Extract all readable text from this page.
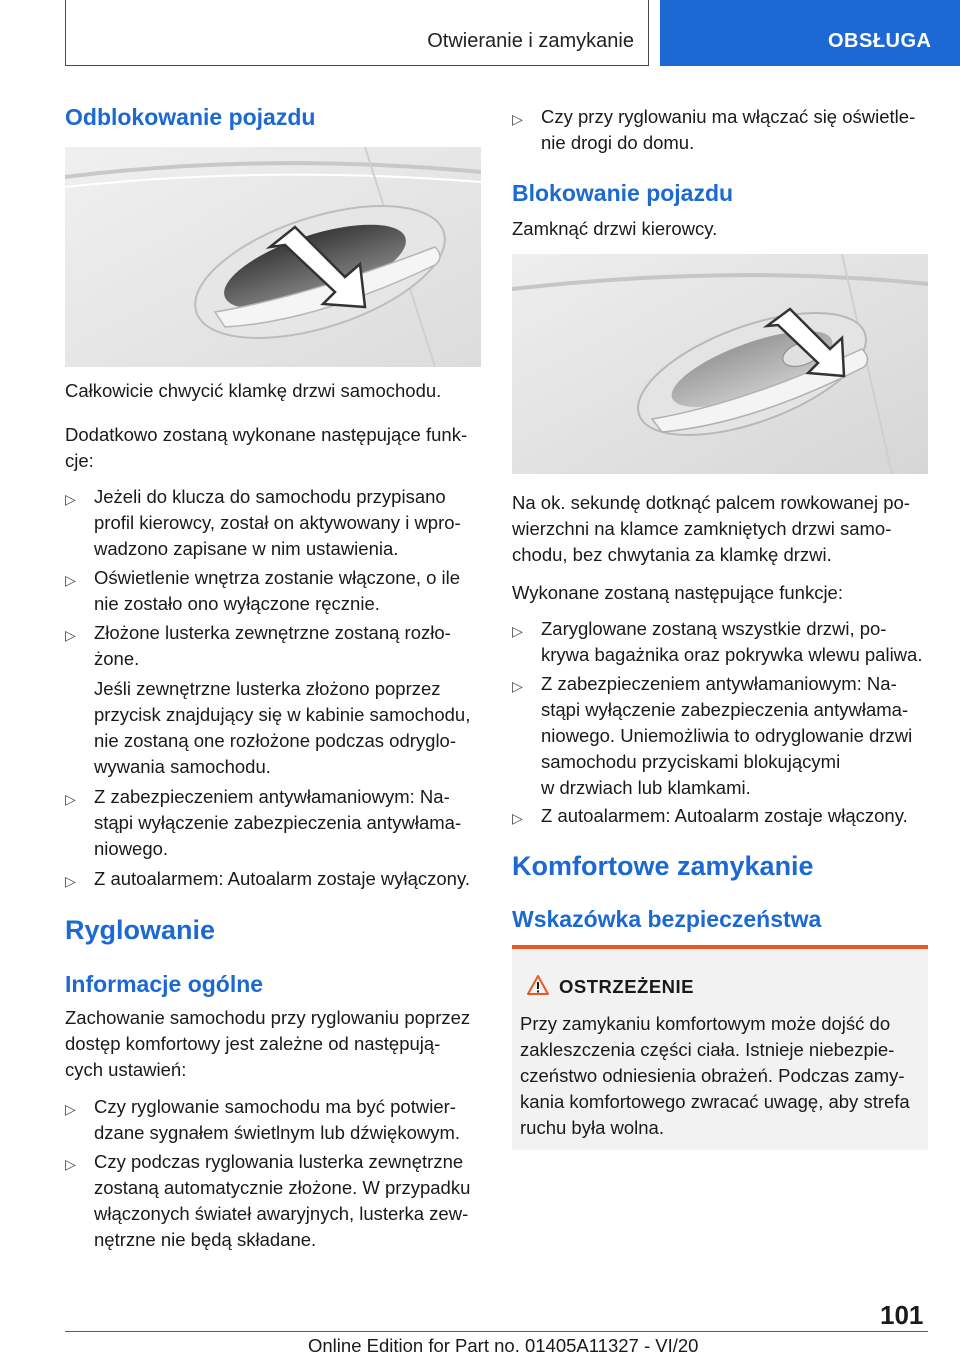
Otwieranie i zamykanie	OBSŁUGA
Odblokowanie pojazdu

Całkowicie chwycić klamkę drzwi samochodu.

Dodatkowo zostaną wykonane następujące funk-
cje:

▷ Jeżeli do klucza do samochodu przypisano
profil kierowcy, został on aktywowany i wpro-
wadzono zapisane w nim ustawienia.
▷ Oświetlenie wnętrza zostanie włączone, o ile
nie zostało ono wyłączone ręcznie.
▷ Złożone lusterka zewnętrzne zostaną rozło-
żone.
Jeśli zewnętrzne lusterka złożono poprzez
przycisk znajdujący się w kabinie samochodu,
nie zostaną one rozłożone podczas odryglo-
wywania samochodu.
▷ Z zabezpieczeniem antywłamaniowym: Na-
stąpi wyłączenie zabezpieczenia antywłama-
niowego.
▷ Z autoalarmem: Autoalarm zostaje wyłączony.
Ryglowanie
Informacje ogólne

Zachowanie samochodu przy ryglowaniu poprzez
dostęp komfortowy jest zależne od następują-
cych ustawień:

▷ Czy ryglowanie samochodu ma być potwier-
dzane sygnałem świetlnym lub dźwiękowym.
▷ Czy podczas ryglowania lusterka zewnętrzne
zostaną automatycznie złożone. W przypadku
włączonych świateł awaryjnych, lusterka zew-
nętrzne nie będą składane.
▷ Czy przy ryglowaniu ma włączać się oświetle-
nie drogi do domu.
Blokowanie pojazdu

Zamknąć drzwi kierowcy.

Na ok. sekundę dotknąć palcem rowkowanej po-
wierzchni na klamce zamkniętych drzwi samo-
chodu, bez chwytania za klamkę drzwi.

Wykonane zostaną następujące funkcje:

▷ Zaryglowane zostaną wszystkie drzwi, po-
krywa bagażnika oraz pokrywka wlewu paliwa.
▷ Z zabezpieczeniem antywłamaniowym: Na-
stąpi wyłączenie zabezpieczenia antywłama-
niowego. Uniemożliwia to odryglowanie drzwi
samochodu przyciskami blokującymi
w drzwiach lub klamkami.
▷ Z autoalarmem: Autoalarm zostaje włączony.
Komfortowe zamykanie
Wskazówka bezpieczeństwa
OSTRZEŻENIE
Przy zamykaniu komfortowym może dojść do
zakleszczenia części ciała. Istnieje niebezpie-
czeństwo odniesienia obrażeń. Podczas zamy-
kania komfortowego zwracać uwagę, aby strefa
ruchu była wolna.
101
Online Edition for Part no. 01405A11327 - VI/20
